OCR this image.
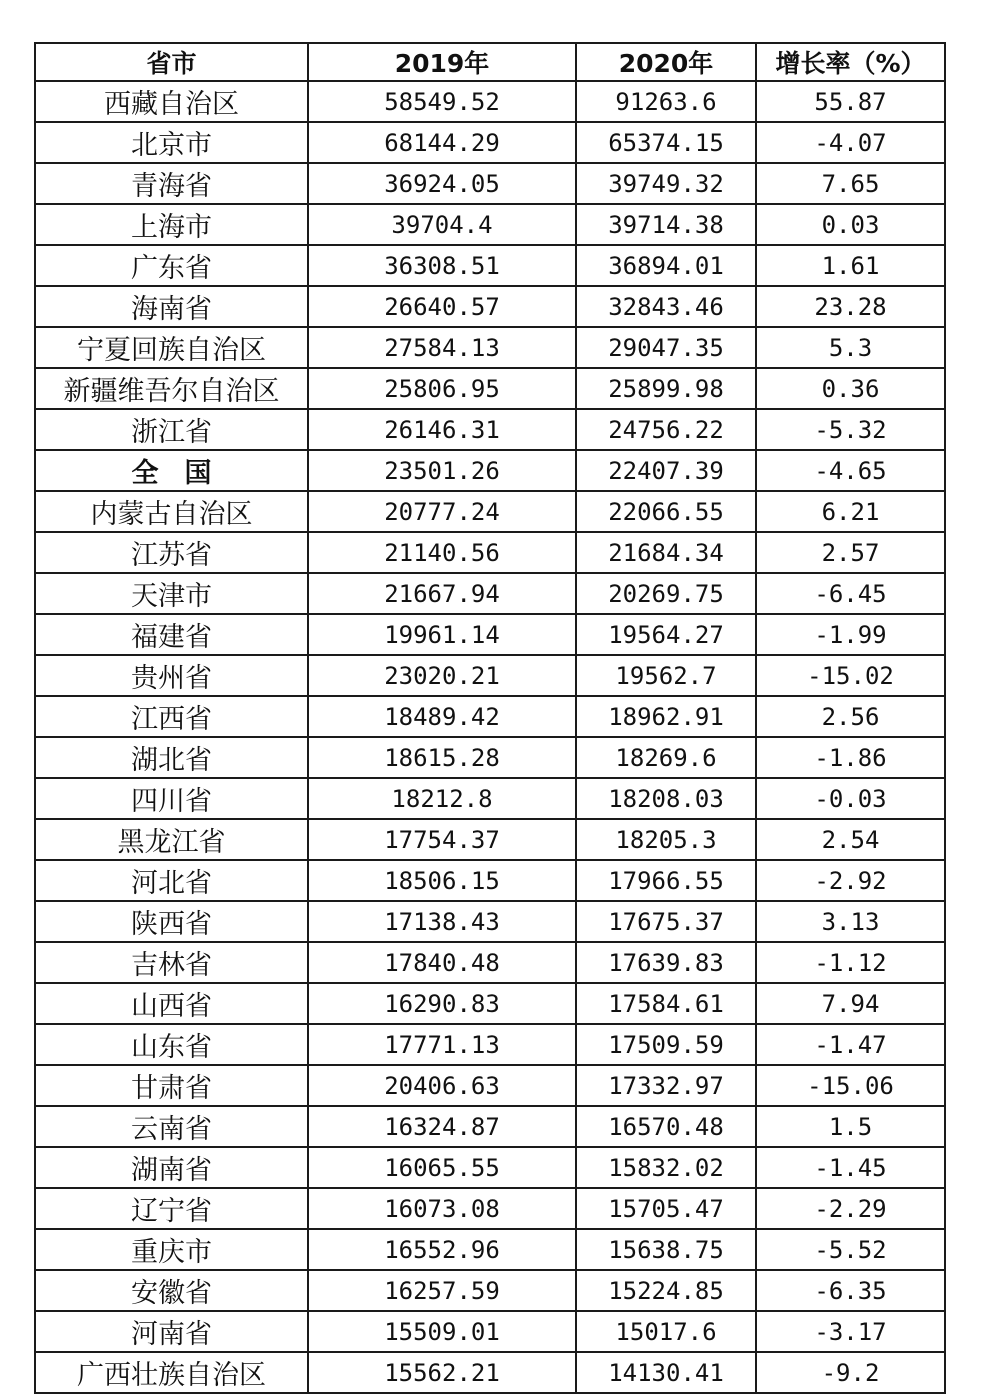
省市	2019年	2020年	增长率（%）
西藏自治区	58549.52	91263.6	55.87
北京市	68144.29	65374.15	-4.07
青海省	36924.05	39749.32	7.65
上海市	39704.4	39714.38	0.03
广东省	36308.51	36894.01	1.61
海南省	26640.57	32843.46	23.28
宁夏回族自治区	27584.13	29047.35	5.3
新疆维吾尔自治区	25806.95	25899.98	0.36
浙江省	26146.31	24756.22	-5.32
全国	23501.26	22407.39	-4.65
内蒙古自治区	20777.24	22066.55	6.21
江苏省	21140.56	21684.34	2.57
天津市	21667.94	20269.75	-6.45
福建省	19961.14	19564.27	-1.99
贵州省	23020.21	19562.7	-15.02
江西省	18489.42	18962.91	2.56
湖北省	18615.28	18269.6	-1.86
四川省	18212.8	18208.03	-0.03
黑龙江省	17754.37	18205.3	2.54
河北省	18506.15	17966.55	-2.92
陕西省	17138.43	17675.37	3.13
吉林省	17840.48	17639.83	-1.12
山西省	16290.83	17584.61	7.94
山东省	17771.13	17509.59	-1.47
甘肃省	20406.63	17332.97	-15.06
云南省	16324.87	16570.48	1.5
湖南省	16065.55	15832.02	-1.45
辽宁省	16073.08	15705.47	-2.29
重庆市	16552.96	15638.75	-5.52
安徽省	16257.59	15224.85	-6.35
河南省	15509.01	15017.6	-3.17
广西壮族自治区	15562.21	14130.41	-9.2
